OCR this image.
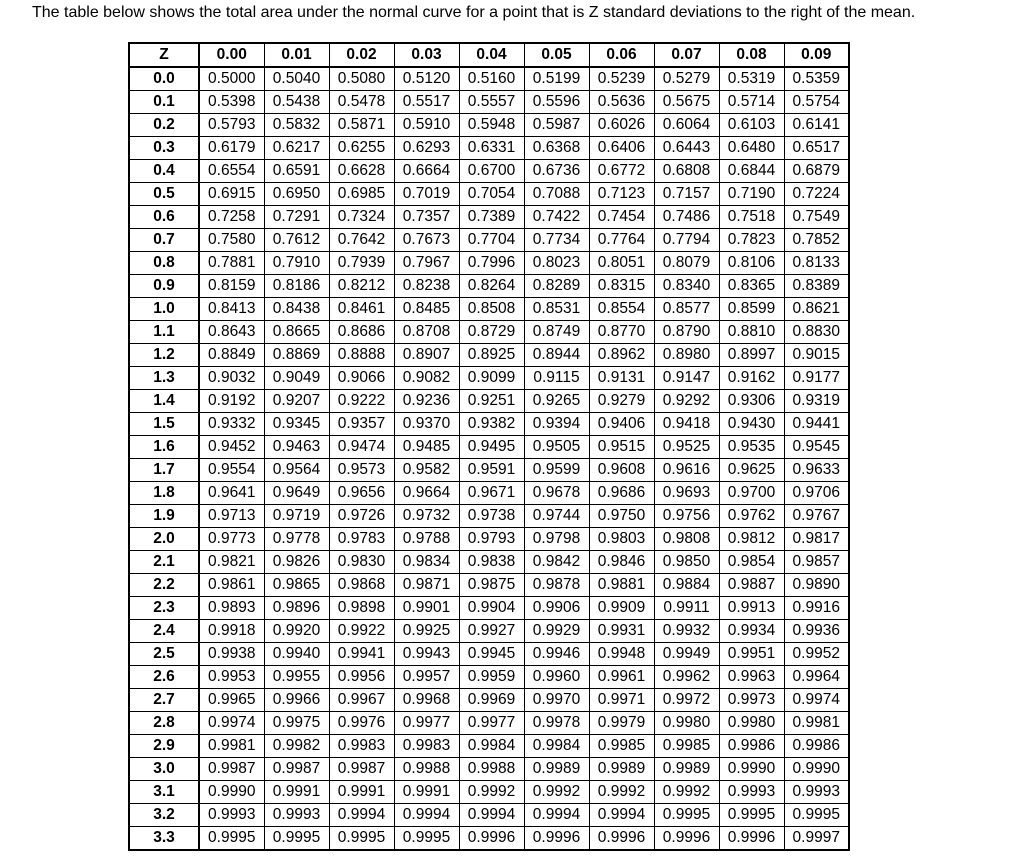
The table below shows the total area under the normal curve for a point that is Z standard deviations to the right of the mean.
Z	0.00	0.01	0.02	0.03	0.04	0.05	0.06	0.07	0.08	0.09
0.0	0.5000	0.5040	0.5080	0.5120	0.5160	0.5199	0.5239	0.5279	0.5319	0.5359
0.1	0.5398	0.5438	0.5478	0.5517	0.5557	0.5596	0.5636	0.5675	0.5714	0.5754
0.2	0.5793	0.5832	0.5871	0.5910	0.5948	0.5987	0.6026	0.6064	0.6103	0.6141
0.3	0.6179	0.6217	0.6255	0.6293	0.6331	0.6368	0.6406	0.6443	0.6480	0.6517
0.4	0.6554	0.6591	0.6628	0.6664	0.6700	0.6736	0.6772	0.6808	0.6844	0.6879
0.5	0.6915	0.6950	0.6985	0.7019	0.7054	0.7088	0.7123	0.7157	0.7190	0.7224
0.6	0.7258	0.7291	0.7324	0.7357	0.7389	0.7422	0.7454	0.7486	0.7518	0.7549
0.7	0.7580	0.7612	0.7642	0.7673	0.7704	0.7734	0.7764	0.7794	0.7823	0.7852
0.8	0.7881	0.7910	0.7939	0.7967	0.7996	0.8023	0.8051	0.8079	0.8106	0.8133
0.9	0.8159	0.8186	0.8212	0.8238	0.8264	0.8289	0.8315	0.8340	0.8365	0.8389
1.0	0.8413	0.8438	0.8461	0.8485	0.8508	0.8531	0.8554	0.8577	0.8599	0.8621
1.1	0.8643	0.8665	0.8686	0.8708	0.8729	0.8749	0.8770	0.8790	0.8810	0.8830
1.2	0.8849	0.8869	0.8888	0.8907	0.8925	0.8944	0.8962	0.8980	0.8997	0.9015
1.3	0.9032	0.9049	0.9066	0.9082	0.9099	0.9115	0.9131	0.9147	0.9162	0.9177
1.4	0.9192	0.9207	0.9222	0.9236	0.9251	0.9265	0.9279	0.9292	0.9306	0.9319
1.5	0.9332	0.9345	0.9357	0.9370	0.9382	0.9394	0.9406	0.9418	0.9430	0.9441
1.6	0.9452	0.9463	0.9474	0.9485	0.9495	0.9505	0.9515	0.9525	0.9535	0.9545
1.7	0.9554	0.9564	0.9573	0.9582	0.9591	0.9599	0.9608	0.9616	0.9625	0.9633
1.8	0.9641	0.9649	0.9656	0.9664	0.9671	0.9678	0.9686	0.9693	0.9700	0.9706
1.9	0.9713	0.9719	0.9726	0.9732	0.9738	0.9744	0.9750	0.9756	0.9762	0.9767
2.0	0.9773	0.9778	0.9783	0.9788	0.9793	0.9798	0.9803	0.9808	0.9812	0.9817
2.1	0.9821	0.9826	0.9830	0.9834	0.9838	0.9842	0.9846	0.9850	0.9854	0.9857
2.2	0.9861	0.9865	0.9868	0.9871	0.9875	0.9878	0.9881	0.9884	0.9887	0.9890
2.3	0.9893	0.9896	0.9898	0.9901	0.9904	0.9906	0.9909	0.9911	0.9913	0.9916
2.4	0.9918	0.9920	0.9922	0.9925	0.9927	0.9929	0.9931	0.9932	0.9934	0.9936
2.5	0.9938	0.9940	0.9941	0.9943	0.9945	0.9946	0.9948	0.9949	0.9951	0.9952
2.6	0.9953	0.9955	0.9956	0.9957	0.9959	0.9960	0.9961	0.9962	0.9963	0.9964
2.7	0.9965	0.9966	0.9967	0.9968	0.9969	0.9970	0.9971	0.9972	0.9973	0.9974
2.8	0.9974	0.9975	0.9976	0.9977	0.9977	0.9978	0.9979	0.9980	0.9980	0.9981
2.9	0.9981	0.9982	0.9983	0.9983	0.9984	0.9984	0.9985	0.9985	0.9986	0.9986
3.0	0.9987	0.9987	0.9987	0.9988	0.9988	0.9989	0.9989	0.9989	0.9990	0.9990
3.1	0.9990	0.9991	0.9991	0.9991	0.9992	0.9992	0.9992	0.9992	0.9993	0.9993
3.2	0.9993	0.9993	0.9994	0.9994	0.9994	0.9994	0.9994	0.9995	0.9995	0.9995
3.3	0.9995	0.9995	0.9995	0.9995	0.9996	0.9996	0.9996	0.9996	0.9996	0.9997
